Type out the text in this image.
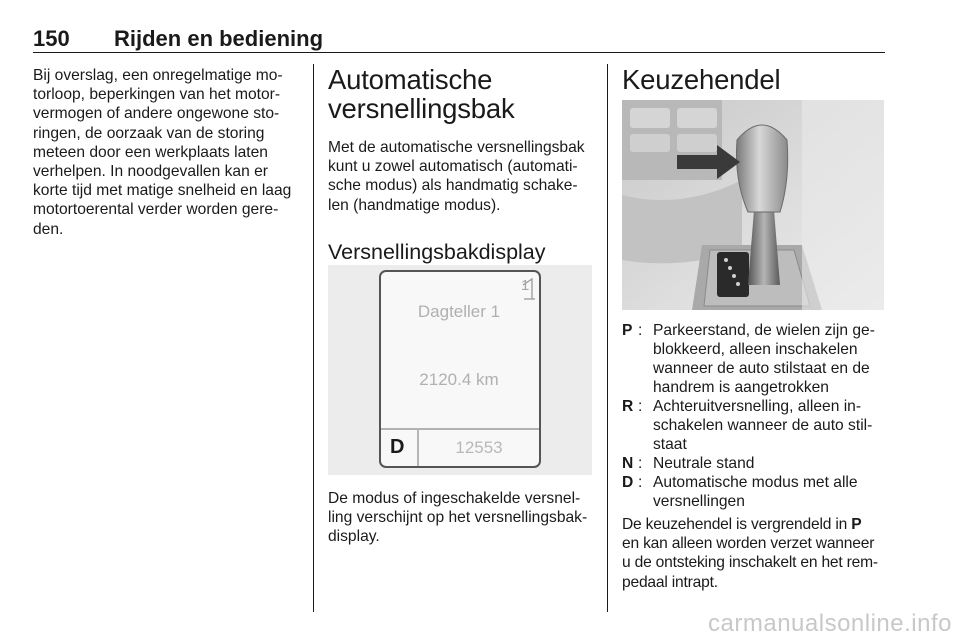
150 Rijden en bediening

Bij overslag, een onregelmatige mo-
torloop, beperkingen van het motor-
vermogen of andere ongewone sto-
ringen, de oorzaak van de storing
meteen door een werkplaats laten
verhelpen. In noodgevallen kan er
korte tijd met matige snelheid en laag
motortoerental verder worden gere-
den.

Automatische
versnellingsbak

Met de automatische versnellingsbak
kunt u zowel automatisch (automati-
sche modus) als handmatig schake-
len (handmatige modus).

Versnellingsbakdisplay
1
Dagteller 1
2120.4 km
D	12553

De modus of ingeschakelde versnel-
ling verschijnt op het versnellingsbak-
display.

Keuzehendel
P : Parkeerstand, de wielen zijn ge-
blokkeerd, alleen inschakelen
wanneer de auto stilstaat en de
handrem is aangetrokken
R : Achteruitversnelling, alleen in-
schakelen wanneer de auto stil-
staat
N : Neutrale stand
D : Automatische modus met alle
versnellingen

De keuzehendel is vergrendeld in P
en kan alleen worden verzet wanneer
u de ontsteking inschakelt en het rem-
pedaal intrapt.

carmanualsonline.info
